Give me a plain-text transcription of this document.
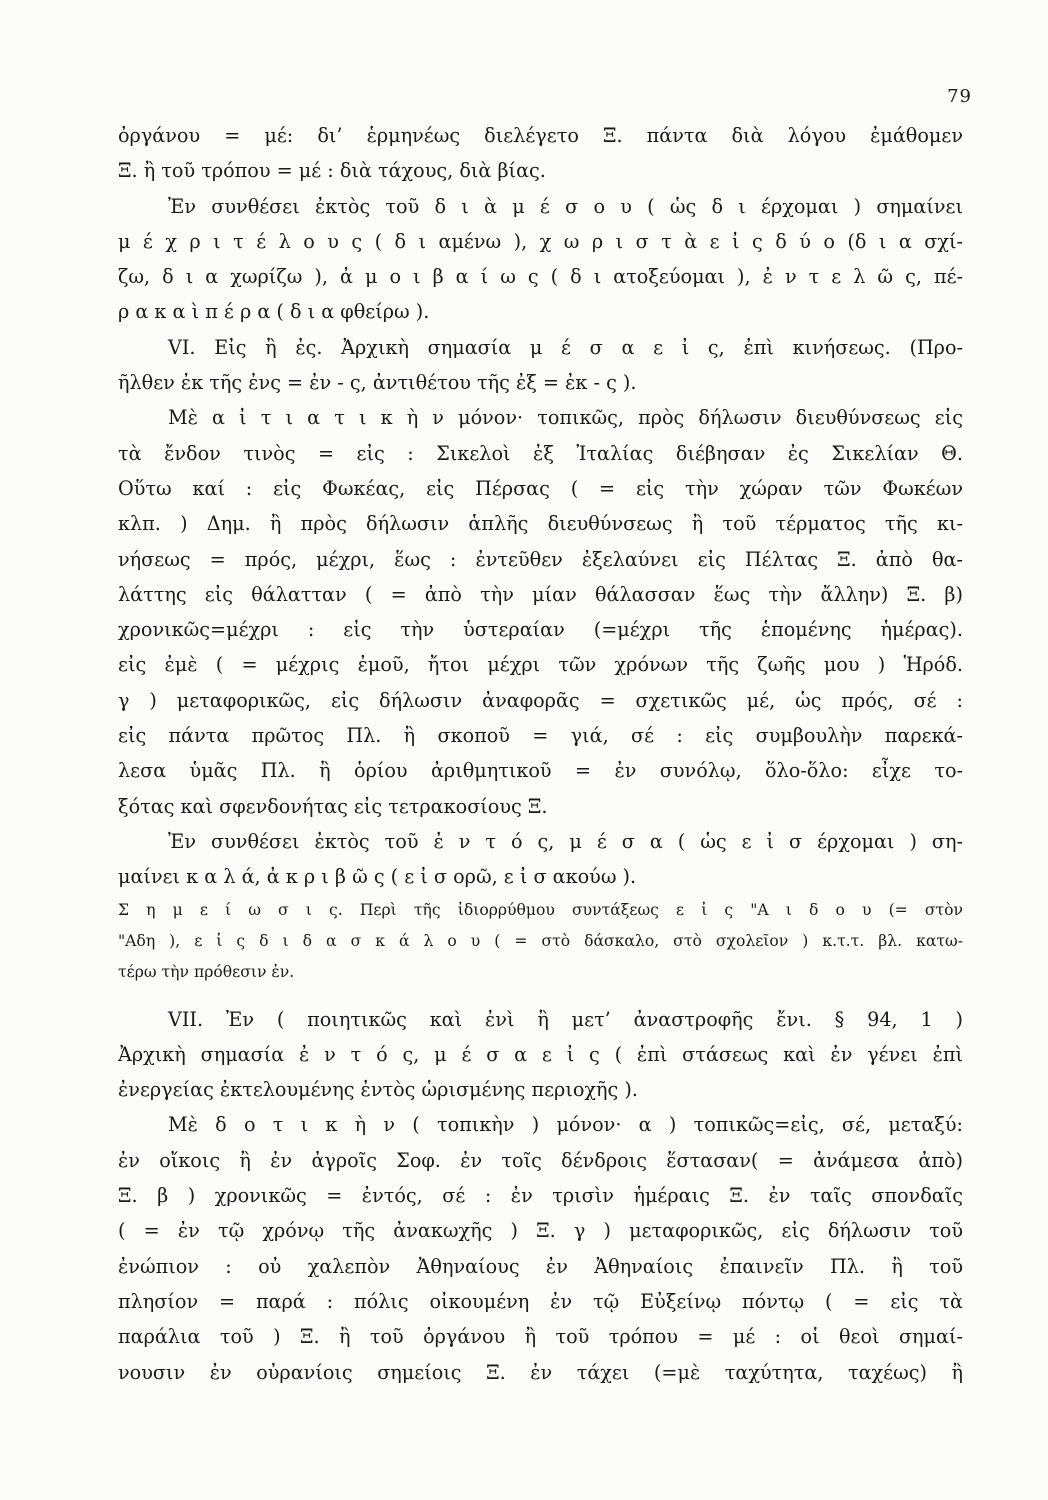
79
ὀργάνου = μέ: δι’ ἑρμηνέως διελέγετο Ξ. πάντα διὰ λόγου ἐμάθομεν
Ξ. ἢ τοῦ τρόπου = μέ : διὰ τάχους, διὰ βίας.
Ἐν συνθέσει ἐκτὸς τοῦ δ ι ὰ μ έ σ ο υ ( ὡς δ ι έρχομαι ) σημαίνει
μ έ χ ρ ι τ έ λ ο υ ς ( δ ι αμένω ), χ ω ρ ι σ τ ὰ ε ἰ ς δ ύ ο (δ ι α σχί-
ζω, δ ι α χωρίζω ), ἀ μ ο ι β α ί ω ς ( δ ι ατοξεύομαι ), ἐ ν τ ε λ ῶ ς, πέ-
ρ α κ α ὶ π έ ρ α ( δ ι α φθείρω ).
VI. Εἰς ἢ ἐς. Ἀρχικὴ σημασία μ έ σ α ε ἰ ς, ἐπὶ κινήσεως. (Προ-
ῆλθεν ἐκ τῆς ἐνς = ἐν - ς, ἀντιθέτου τῆς ἐξ = ἐκ - ς ).
Μὲ α ἰ τ ι α τ ι κ ὴ ν μόνον· τοπικῶς, πρὸς δήλωσιν διευθύνσεως εἰς
τὰ ἔνδον τινὸς = εἰς : Σικελοὶ ἐξ Ἰταλίας διέβησαν ἐς Σικελίαν Θ.
Οὕτω καί : εἰς Φωκέας, εἰς Πέρσας ( = εἰς τὴν χώραν τῶν Φωκέων
κλπ. ) Δημ. ἢ πρὸς δήλωσιν ἁπλῆς διευθύνσεως ἢ τοῦ τέρματος τῆς κι-
νήσεως = πρός, μέχρι, ἕως : ἐντεῦθεν ἐξελαύνει εἰς Πέλτας Ξ. ἀπὸ θα-
λάττης εἰς θάλατταν ( = ἀπὸ τὴν μίαν θάλασσαν ἕως τὴν ἄλλην) Ξ. β)
χρονικῶς=μέχρι : εἰς τὴν ὑστεραίαν (=μέχρι τῆς ἑπομένης ἡμέρας).
εἰς ἐμὲ ( = μέχρις ἐμοῦ, ἤτοι μέχρι τῶν χρόνων τῆς ζωῆς μου ) Ἡρόδ.
γ ) μεταφορικῶς, εἰς δήλωσιν ἀναφορᾶς = σχετικῶς μέ, ὡς πρός, σέ :
εἰς πάντα πρῶτος Πλ. ἢ σκοποῦ = γιά, σέ : εἰς συμβουλὴν παρεκά-
λεσα ὑμᾶς Πλ. ἢ ὁρίου ἀριθμητικοῦ = ἐν συνόλῳ, ὅλο-ὅλο: εἶχε το-
ξότας καὶ σφενδονήτας εἰς τετρακοσίους Ξ.
Ἐν συνθέσει ἐκτὸς τοῦ ἐ ν τ ό ς, μ έ σ α ( ὡς ε ἰ σ έρχομαι ) ση-
μαίνει κ α λ ά, ἀ κ ρ ι β ῶ ς ( ε ἰ σ ορῶ, ε ἰ σ ακούω ).
Σ η μ ε ί ω σ ι ς. Περὶ τῆς ἰδιορρύθμου συντάξεως ε ἰ ς "Α ι δ ο υ (= στὸν
"Αδη ), ε ἰ ς δ ι δ α σ κ ά λ ο υ ( = στὸ δάσκαλο, στὸ σχολεῖον ) κ.τ.τ. βλ. κατω-
τέρω τὴν πρόθεσιν ἐν.
VII. Ἐν ( ποιητικῶς καὶ ἐνὶ ἢ μετ’ ἀναστροφῆς ἔνι. § 94, 1 )
Ἀρχικὴ σημασία ἐ ν τ ό ς, μ έ σ α ε ἰ ς ( ἐπὶ στάσεως καὶ ἐν γένει ἐπὶ
ἐνεργείας ἐκτελουμένης ἐντὸς ὡρισμένης περιοχῆς ).
Μὲ δ ο τ ι κ ὴ ν ( τοπικὴν ) μόνον· α ) τοπικῶς=εἰς, σέ, μεταξύ:
ἐν οἴκοις ἢ ἐν ἀγροῖς Σοφ. ἐν τοῖς δένδροις ἕστασαν( = ἀνάμεσα ἀπὸ)
Ξ. β ) χρονικῶς = ἐντός, σέ : ἐν τρισὶν ἡμέραις Ξ. ἐν ταῖς σπονδαῖς
( = ἐν τῷ χρόνῳ τῆς ἀνακωχῆς ) Ξ. γ ) μεταφορικῶς, εἰς δήλωσιν τοῦ
ἐνώπιον : οὐ χαλεπὸν Ἀθηναίους ἐν Ἀθηναίοις ἐπαινεῖν Πλ. ἢ τοῦ
πλησίον = παρά : πόλις οἰκουμένη ἐν τῷ Εὐξείνῳ πόντῳ ( = εἰς τὰ
παράλια τοῦ ) Ξ. ἢ τοῦ ὀργάνου ἢ τοῦ τρόπου = μέ : οἱ θεοὶ σημαί-
νουσιν ἐν οὐρανίοις σημείοις Ξ. ἐν τάχει (=μὲ ταχύτητα, ταχέως) ἢ
